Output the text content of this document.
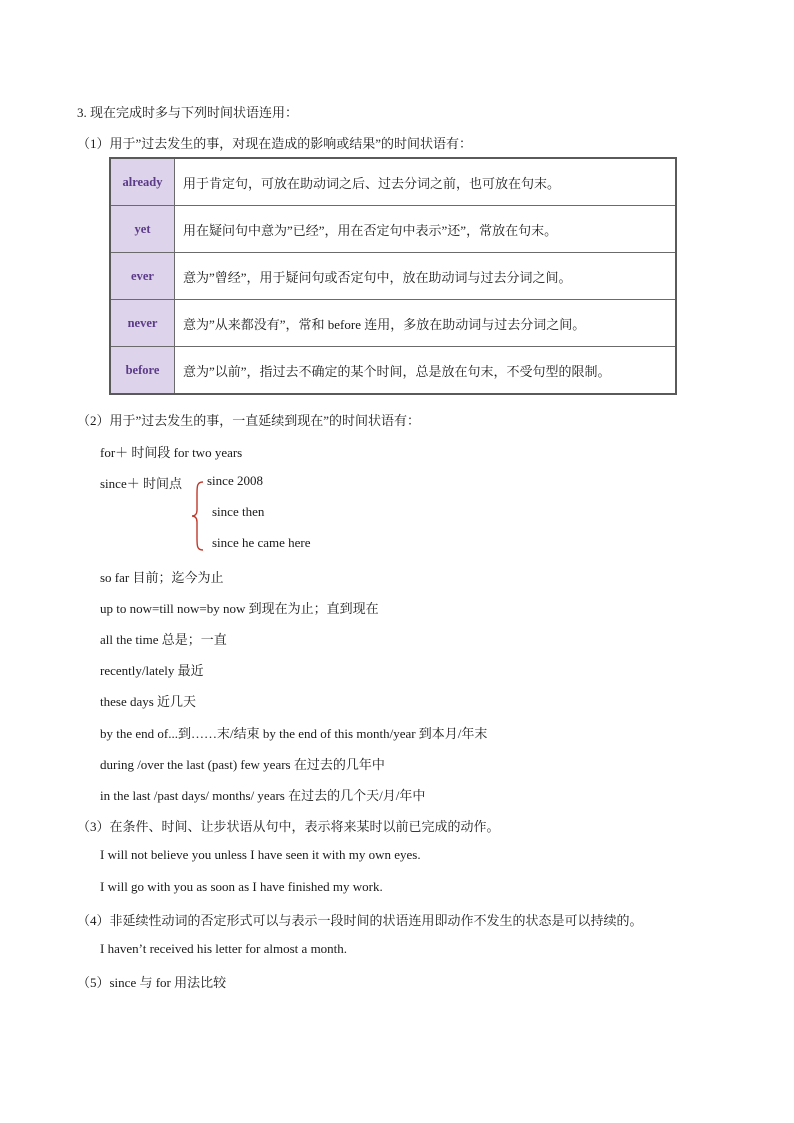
3. 现在完成时多与下列时间状语连用：
（1）用于”过去发生的事，对现在造成的影响或结果”的时间状语有：
already	用于肯定句，可放在助动词之后、过去分词之前，也可放在句末。
yet	用在疑问句中意为”已经”，用在否定句中表示”还”，常放在句末。
ever	意为”曾经”，用于疑问句或否定句中，放在助动词与过去分词之间。
never	意为”从来都没有”，常和 before 连用，多放在助动词与过去分词之间。
before	意为”以前”，指过去不确定的某个时间，总是放在句末，不受句型的限制。
（2）用于”过去发生的事，一直延续到现在”的时间状语有：
for＋ 时间段 for two years
since＋ 时间点 since 2008
since then
since he came here
so far 目前；迄今为止
up to now=till now=by now 到现在为止；直到现在
all the time 总是；一直
recently/lately 最近
these days 近几天
by the end of...到……末/结束 by the end of this month/year 到本月/年末
during /over the last (past) few years 在过去的几年中
in the last /past days/ months/ years 在过去的几个天/月/年中
（3）在条件、时间、让步状语从句中，表示将来某时以前已完成的动作。
I will not believe you unless I have seen it with my own eyes.
I will go with you as soon as I have finished my work.
（4）非延续性动词的否定形式可以与表示一段时间的状语连用即动作不发生的状态是可以持续的。
I haven’t received his letter for almost a month.
（5）since 与 for 用法比较
